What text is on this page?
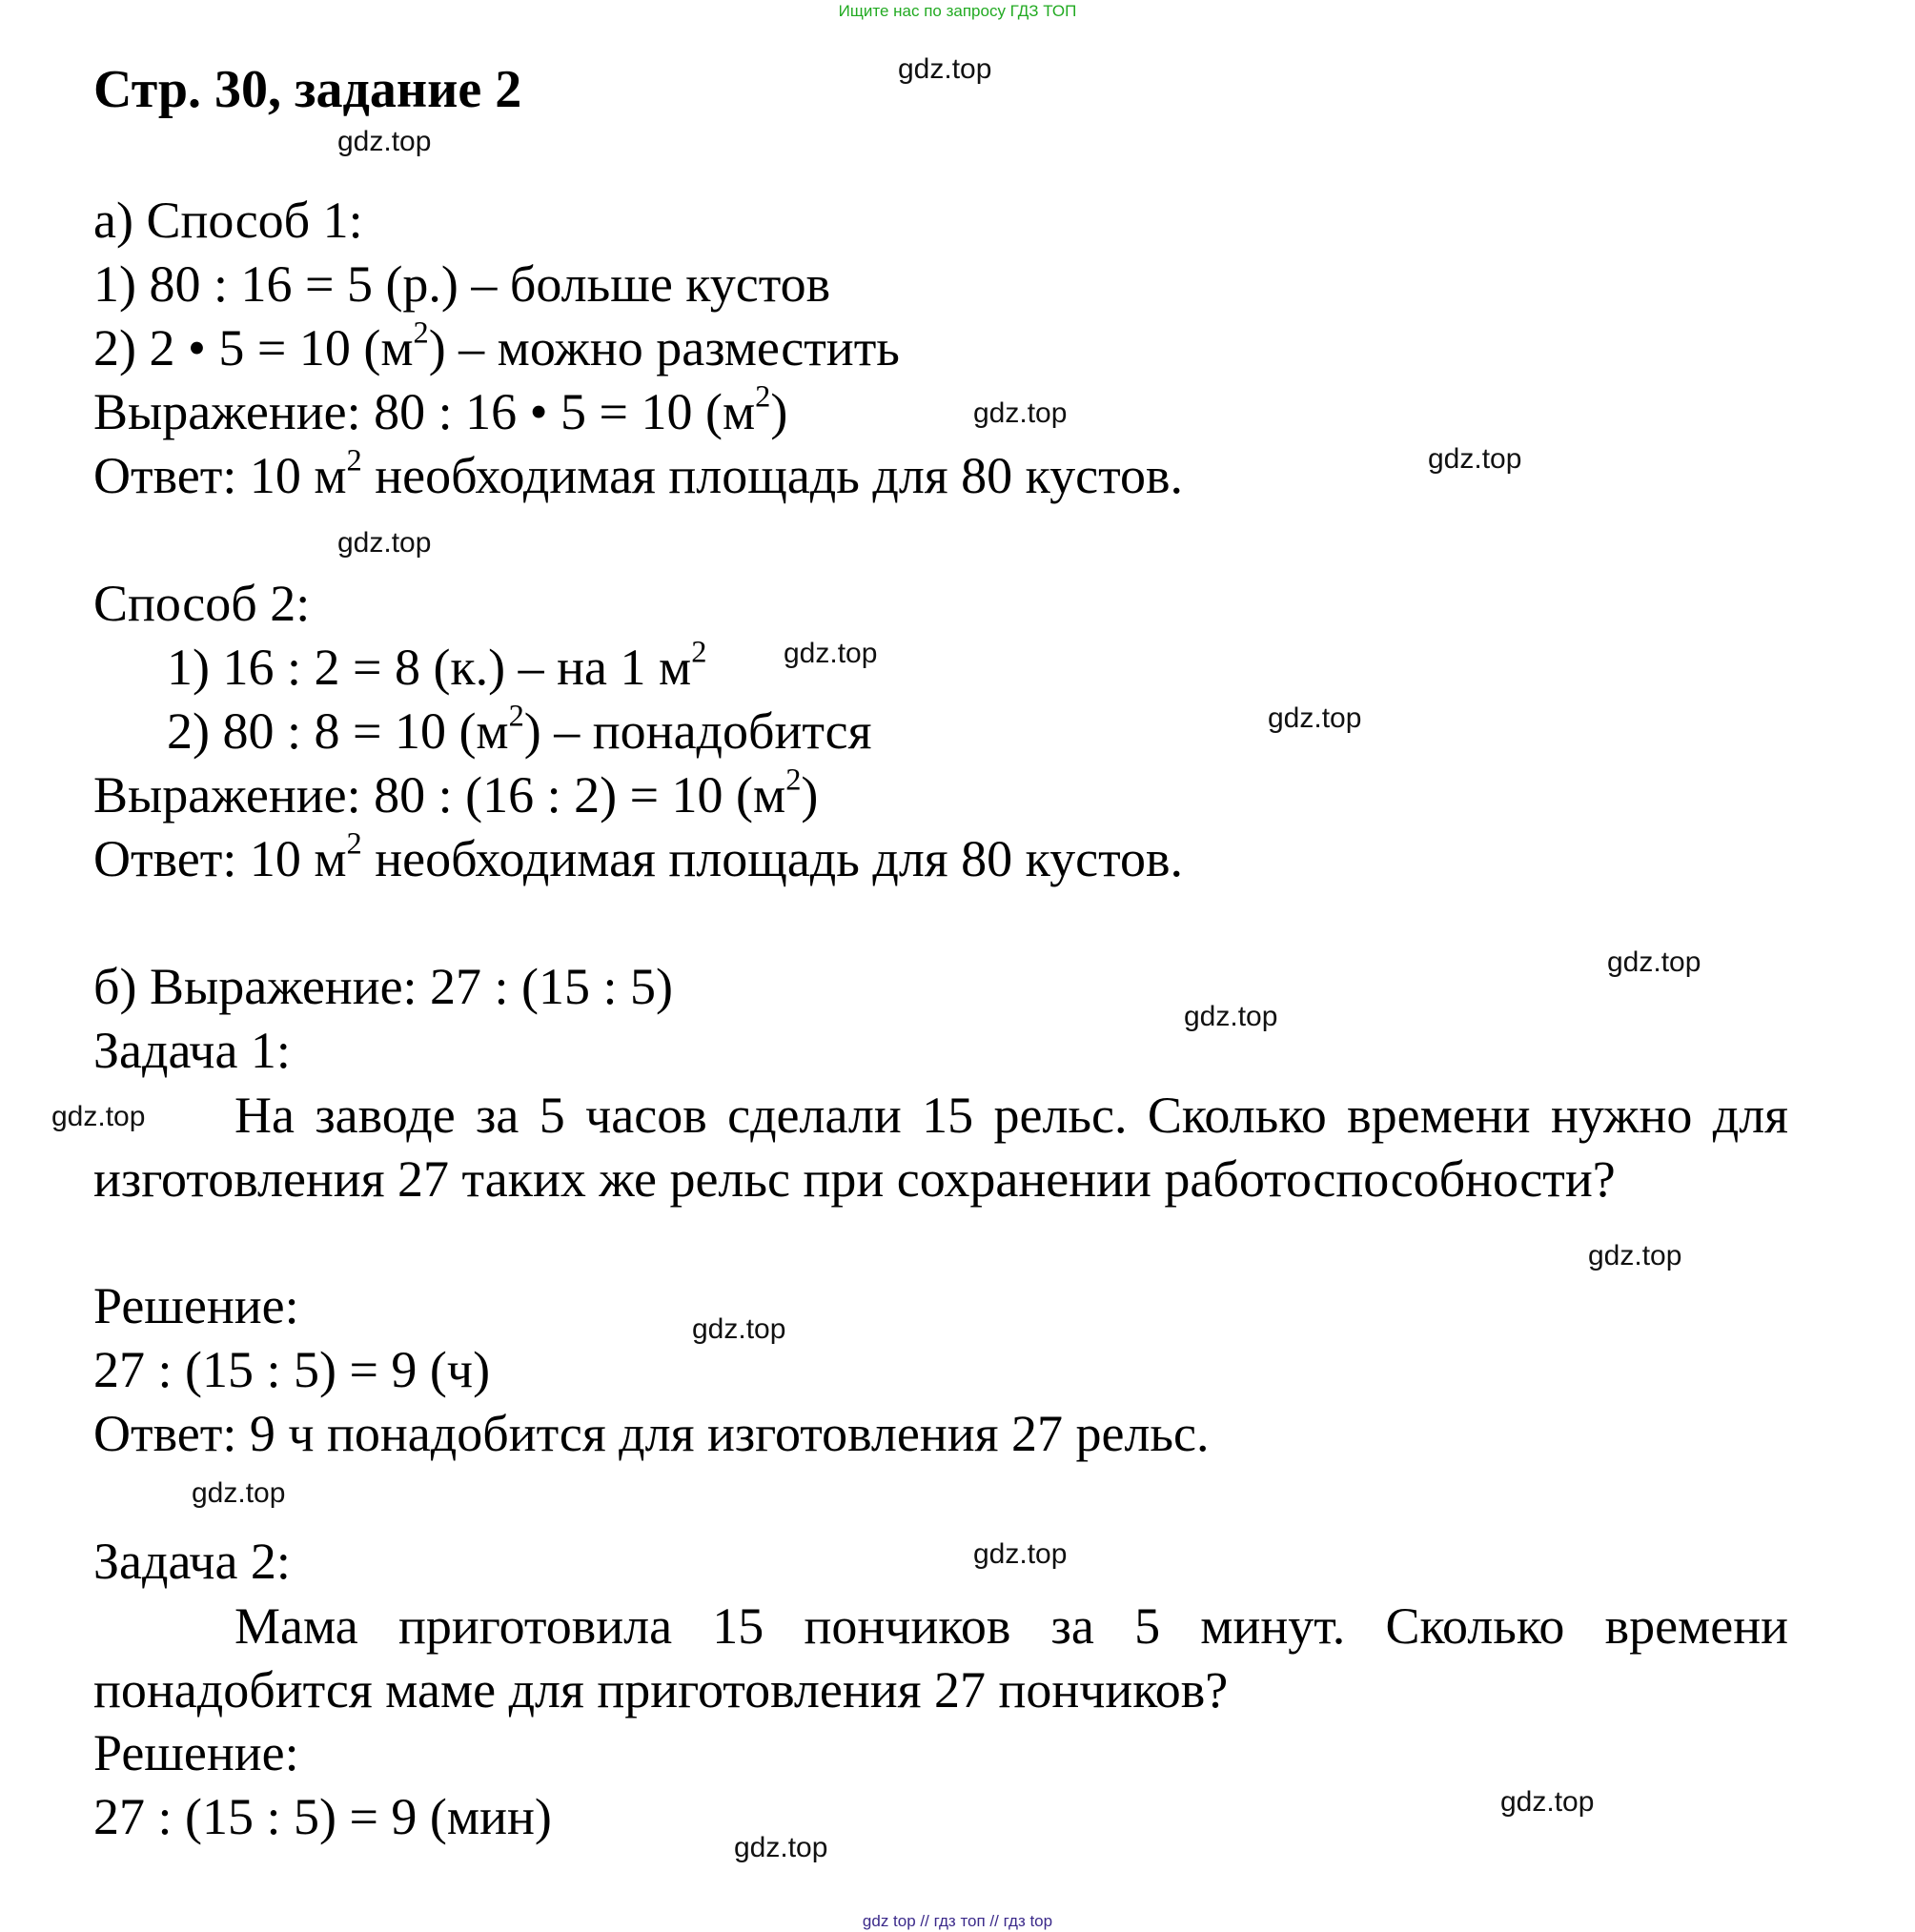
Ищите нас по запросу ГДЗ ТОП
Стр. 30, задание 2
а) Способ 1:
1) 80 : 16 = 5 (р.) – больше кустов
2) 2 • 5 = 10 $(м^2)$ – можно разместить
Выражение: 80 : 16 • 5 = 10 $(м^2)$
Ответ: 10 $м^2$ необходимая площадь для 80 кустов.
Способ 2:
1) 16 : 2 = 8 (к.) – на 1 $м^2$
2) 80 : 8 = 10 $(м^2)$ – понадобится
Выражение: 80 : (16 : 2) = 10 $(м^2)$
Ответ: 10 $м^2$ необходимая площадь для 80 кустов.
б) Выражение: 27 : (15 : 5)
Задача 1:
На заводе за 5 часов сделали 15 рельс. Сколько времени нужно для изготовления 27 таких же рельс при сохранении работоспособности?
Решение:
27 : (15 : 5) = 9 (ч)
Ответ: 9 ч понадобится для изготовления 27 рельс.
Задача 2:
Мама приготовила 15 пончиков за 5 минут. Сколько времени понадобится маме для приготовления 27 пончиков?
Решение:
27 : (15 : 5) = 9 (мин)
gdz.top
gdz.top
gdz.top
gdz.top
gdz.top
gdz.top
gdz.top
gdz.top
gdz.top
gdz.top
gdz.top
gdz.top
gdz.top
gdz.top
gdz.top
gdz.top
gdz top // гдз топ // гдз top
